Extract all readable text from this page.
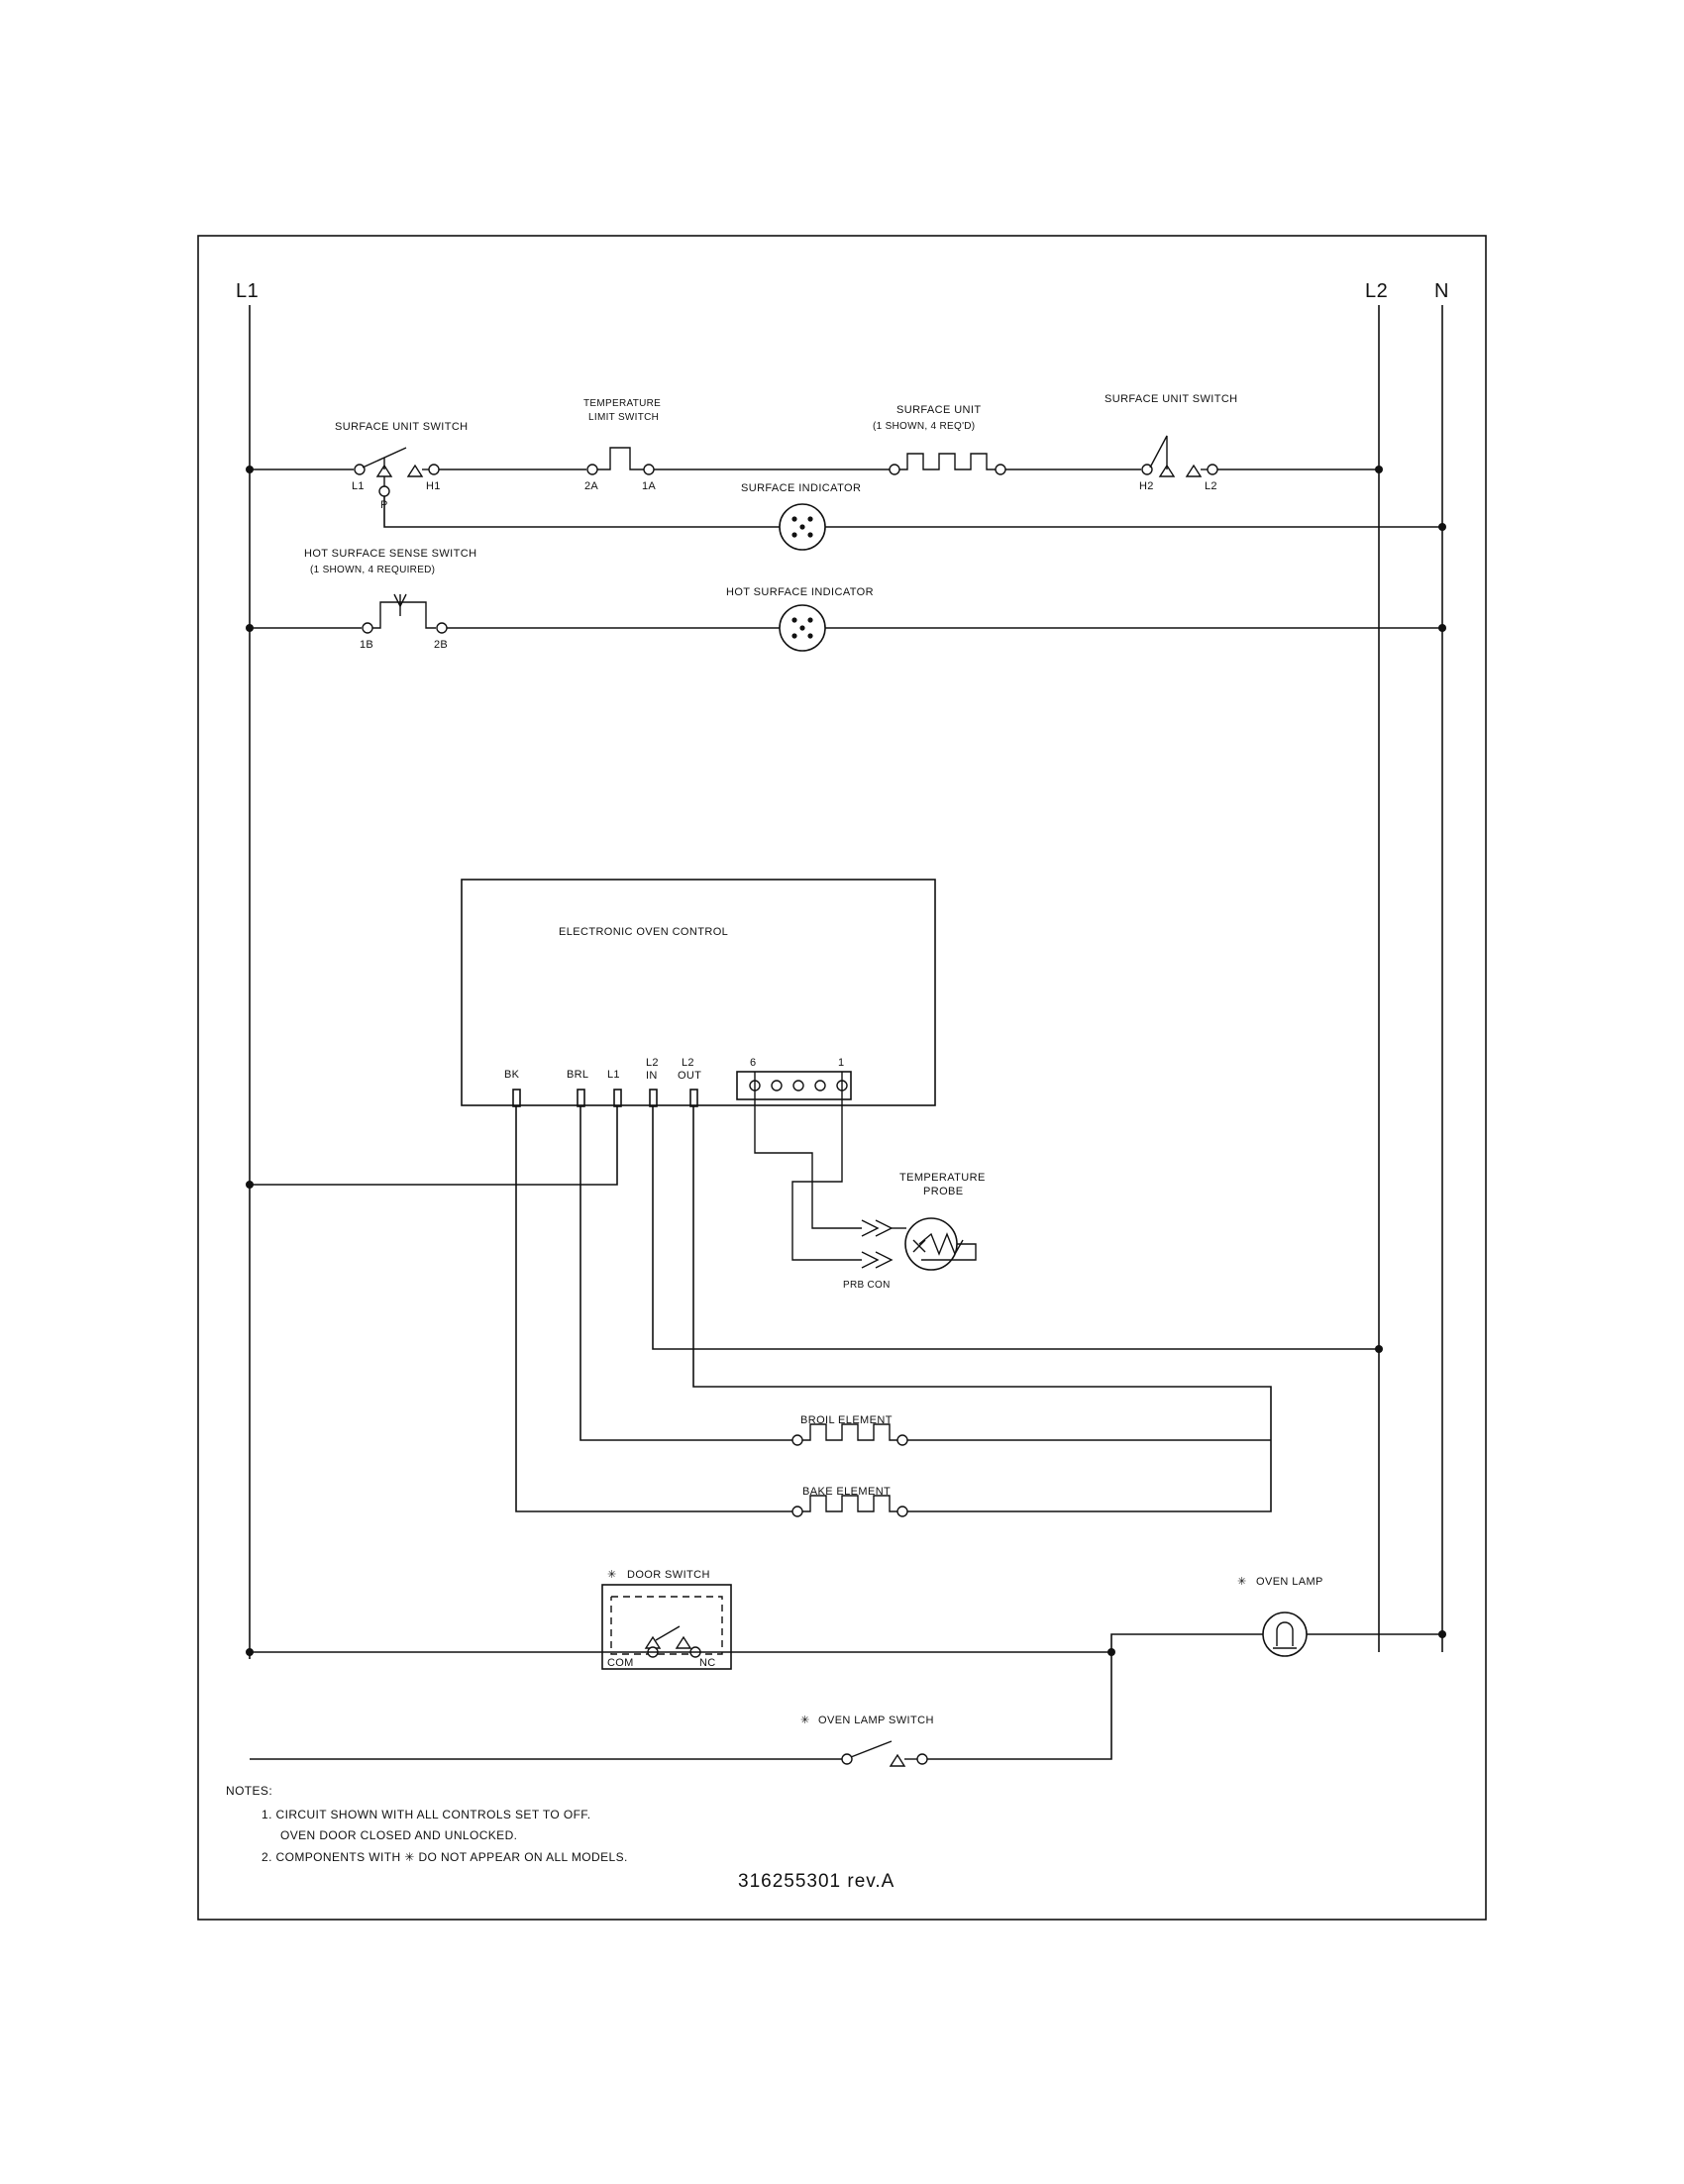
L1	L2 N
SURFACE UNIT SWITCH
TEMPERATURE
LIMIT SWITCH
SURFACE UNIT
(1 SHOWN, 4 REQ'D)
SURFACE UNIT SWITCH
L1
P
H1	2A	1A	H2	L2
SURFACE INDICATOR
HOT SURFACE SENSE SWITCH
(1 SHOWN, 4 REQUIRED)
1B	2B
HOT SURFACE INDICATOR
ELECTRONIC OVEN CONTROL
BK	BRL L1
L2
IN
L2
OUT
6	1
PRB CON
TEMPERATURE
PROBE
BROIL ELEMENT
BAKE ELEMENT
✳ DOOR SWITCH
COM	NC
✳ OVEN LAMP
✳ OVEN LAMP SWITCH
NOTES:
1. CIRCUIT SHOWN WITH ALL CONTROLS SET TO OFF.
OVEN DOOR CLOSED AND UNLOCKED.
2. COMPONENTS WITH ✳ DO NOT APPEAR ON ALL MODELS.
316255301 rev.A
